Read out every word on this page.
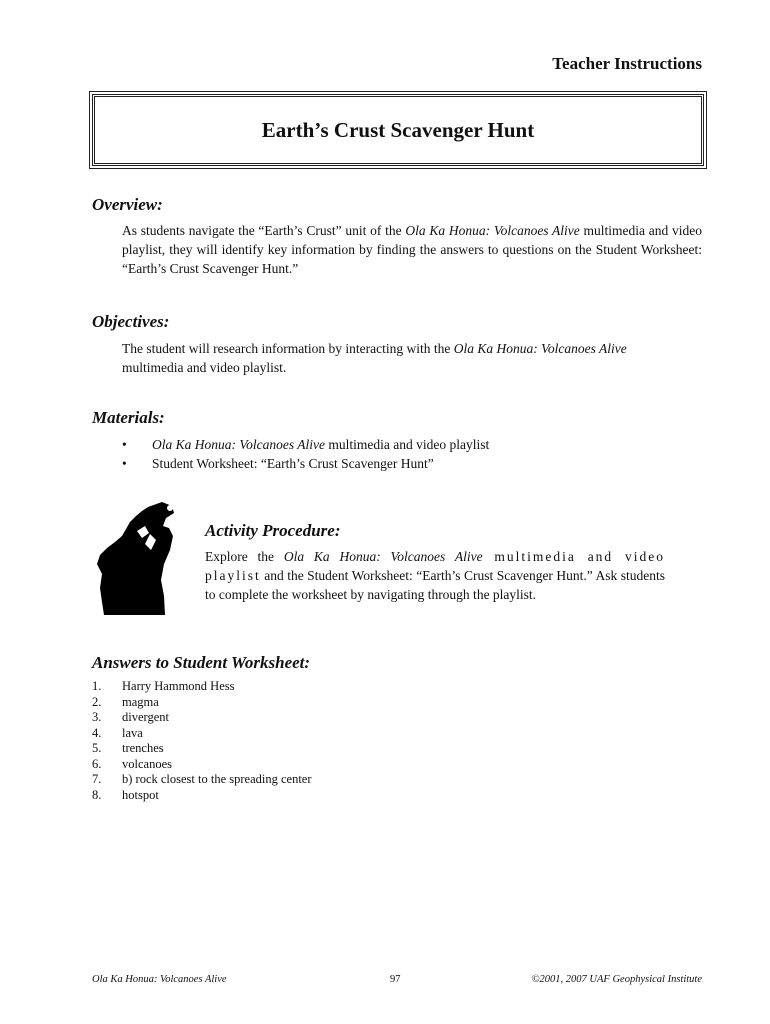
Teacher Instructions
Earth’s Crust Scavenger Hunt
Overview:
As students navigate the “Earth’s Crust” unit of the Ola Ka Honua: Volcanoes Alive multimedia and video playlist, they will identify key information by finding the answers to questions on the Student Worksheet: “Earth’s Crust Scavenger Hunt.”
Objectives:
The student will research information by interacting with the Ola Ka Honua: Volcanoes Alive multimedia and video playlist.
Materials:
• Ola Ka Honua: Volcanoes Alive multimedia and video playlist
• Student Worksheet: “Earth’s Crust Scavenger Hunt”
Activity Procedure:
Explore the Ola Ka Honua: Volcanoes Alive multimedia and video playlist and the Student Worksheet: “Earth’s Crust Scavenger Hunt.” Ask students to complete the worksheet by navigating through the playlist.
Answers to Student Worksheet:
1. Harry Hammond Hess
2. magma
3. divergent
4. lava
5. trenches
6. volcanoes
7. b) rock closest to the spreading center
8. hotspot
Ola Ka Honua: Volcanoes Alive	97	©2001, 2007 UAF Geophysical Institute
